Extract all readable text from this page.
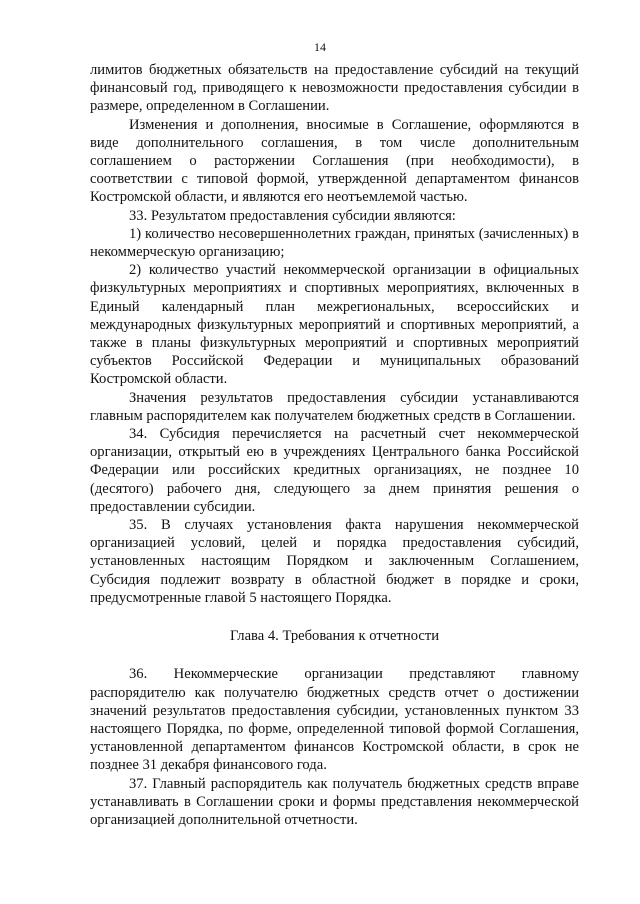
14

лимитов бюджетных обязательств на предоставление субсидий на текущий финансовый год, приводящего к невозможности предоставления субсидии в размере, определенном в Соглашении.

Изменения и дополнения, вносимые в Соглашение, оформляются в виде дополнительного соглашения, в том числе дополнительным соглашением о расторжении Соглашения (при необходимости), в соответствии с типовой формой, утвержденной департаментом финансов Костромской области, и являются его неотъемлемой частью.

33. Результатом предоставления субсидии являются:

1) количество несовершеннолетних граждан, принятых (зачисленных) в некоммерческую организацию;

2) количество участий некоммерческой организации в официальных физкультурных мероприятиях и спортивных мероприятиях, включенных в Единый календарный план межрегиональных, всероссийских и международных физкультурных мероприятий и спортивных мероприятий, а также в планы физкультурных мероприятий и спортивных мероприятий субъектов Российской Федерации и муниципальных образований Костромской области.

Значения результатов предоставления субсидии устанавливаются главным распорядителем как получателем бюджетных средств в Соглашении.

34. Субсидия перечисляется на расчетный счет некоммерческой организации, открытый ею в учреждениях Центрального банка Российской Федерации или российских кредитных организациях, не позднее 10 (десятого) рабочего дня, следующего за днем принятия решения о предоставлении субсидии.

35. В случаях установления факта нарушения некоммерческой организацией условий, целей и порядка предоставления субсидий, установленных настоящим Порядком и заключенным Соглашением, Субсидия подлежит возврату в областной бюджет в порядке и сроки, предусмотренные главой 5 настоящего Порядка.

Глава 4. Требования к отчетности

36. Некоммерческие организации представляют главному распорядителю как получателю бюджетных средств отчет о достижении значений результатов предоставления субсидии, установленных пунктом 33 настоящего Порядка, по форме, определенной типовой формой Соглашения, установленной департаментом финансов Костромской области, в срок не позднее 31 декабря финансового года.

37. Главный распорядитель как получатель бюджетных средств вправе устанавливать в Соглашении сроки и формы представления некоммерческой организацией дополнительной отчетности.
